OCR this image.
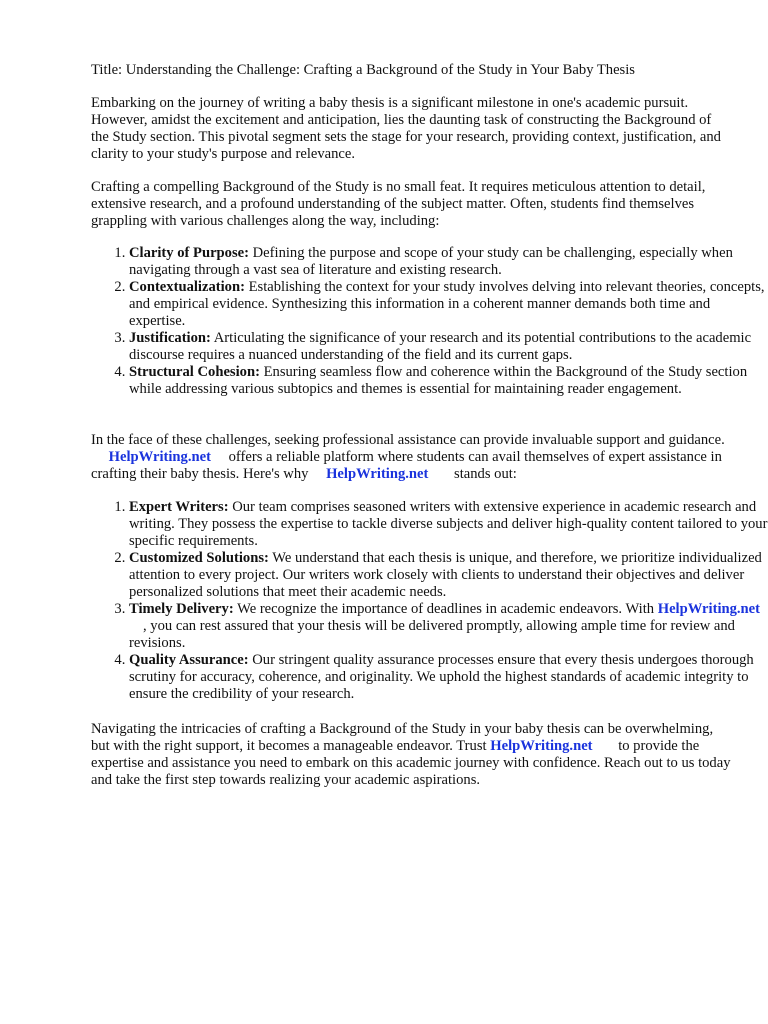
Title: Understanding the Challenge: Crafting a Background of the Study in Your Baby Thesis

Embarking on the journey of writing a baby thesis is a significant milestone in one's academic pursuit. However, amidst the excitement and anticipation, lies the daunting task of constructing the Background of the Study section. This pivotal segment sets the stage for your research, providing context, justification, and clarity to your study's purpose and relevance.

Crafting a compelling Background of the Study is no small feat. It requires meticulous attention to detail, extensive research, and a profound understanding of the subject matter. Often, students find themselves grappling with various challenges along the way, including:

1. Clarity of Purpose: Defining the purpose and scope of your study can be challenging, especially when navigating through a vast sea of literature and existing research.
2. Contextualization: Establishing the context for your study involves delving into relevant theories, concepts, and empirical evidence. Synthesizing this information in a coherent manner demands both time and expertise.
3. Justification: Articulating the significance of your research and its potential contributions to the academic discourse requires a nuanced understanding of the field and its current gaps.
4. Structural Cohesion: Ensuring seamless flow and coherence within the Background of the Study section while addressing various subtopics and themes is essential for maintaining reader engagement.

In the face of these challenges, seeking professional assistance can provide invaluable support and guidance. HelpWriting.net offers a reliable platform where students can avail themselves of expert assistance in crafting their baby thesis. Here's why HelpWriting.net stands out:

1. Expert Writers: Our team comprises seasoned writers with extensive experience in academic research and writing. They possess the expertise to tackle diverse subjects and deliver high-quality content tailored to your specific requirements.
2. Customized Solutions: We understand that each thesis is unique, and therefore, we prioritize individualized attention to every project. Our writers work closely with clients to understand their objectives and deliver personalized solutions that meet their academic needs.
3. Timely Delivery: We recognize the importance of deadlines in academic endeavors. With HelpWriting.net, you can rest assured that your thesis will be delivered promptly, allowing ample time for review and revisions.
4. Quality Assurance: Our stringent quality assurance processes ensure that every thesis undergoes thorough scrutiny for accuracy, coherence, and originality. We uphold the highest standards of academic integrity to ensure the credibility of your research.

Navigating the intricacies of crafting a Background of the Study in your baby thesis can be overwhelming, but with the right support, it becomes a manageable endeavor. Trust HelpWriting.net to provide the expertise and assistance you need to embark on this academic journey with confidence. Reach out to us today and take the first step towards realizing your academic aspirations.
